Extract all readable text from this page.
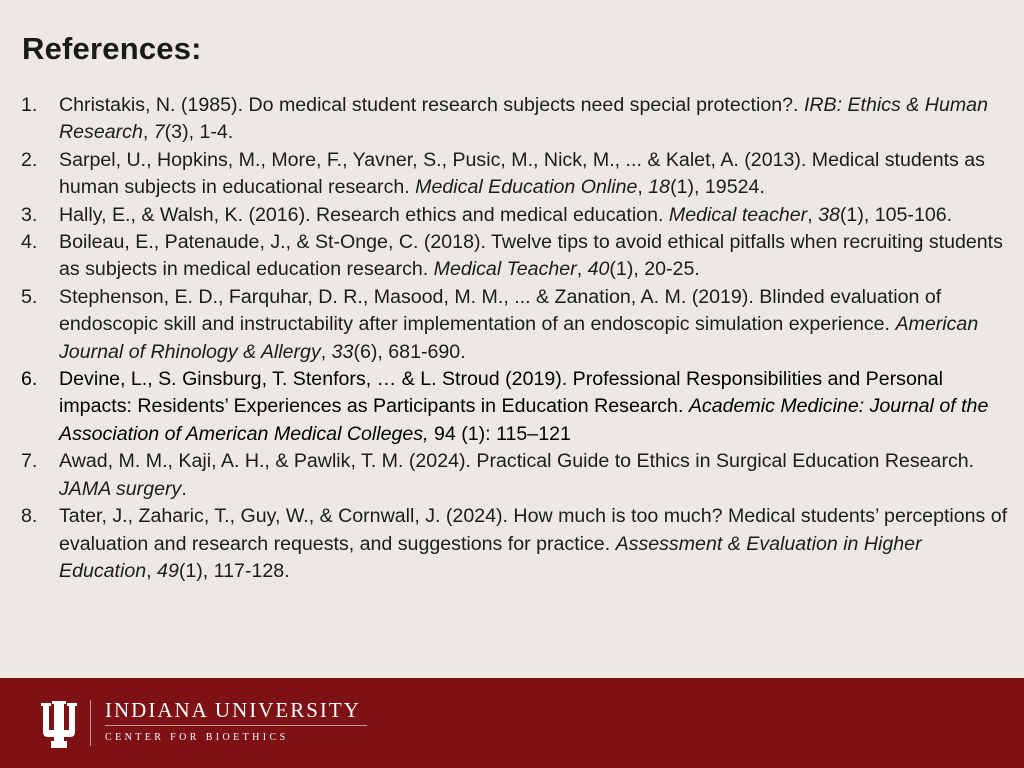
References:
1. Christakis, N. (1985). Do medical student research subjects need special protection?. IRB: Ethics & Human Research, 7(3), 1-4.
2. Sarpel, U., Hopkins, M., More, F., Yavner, S., Pusic, M., Nick, M., ... & Kalet, A. (2013). Medical students as human subjects in educational research. Medical Education Online, 18(1), 19524.
3. Hally, E., & Walsh, K. (2016). Research ethics and medical education. Medical teacher, 38(1), 105-106.
4. Boileau, E., Patenaude, J., & St-Onge, C. (2018). Twelve tips to avoid ethical pitfalls when recruiting students as subjects in medical education research. Medical Teacher, 40(1), 20-25.
5. Stephenson, E. D., Farquhar, D. R., Masood, M. M., ... & Zanation, A. M. (2019). Blinded evaluation of endoscopic skill and instructability after implementation of an endoscopic simulation experience. American Journal of Rhinology & Allergy, 33(6), 681-690.
6. Devine, L., S. Ginsburg, T. Stenfors, … & L. Stroud (2019). Professional Responsibilities and Personal impacts: Residents’ Experiences as Participants in Education Research. Academic Medicine: Journal of the Association of American Medical Colleges, 94 (1): 115–121
7. Awad, M. M., Kaji, A. H., & Pawlik, T. M. (2024). Practical Guide to Ethics in Surgical Education Research. JAMA surgery.
8. Tater, J., Zaharic, T., Guy, W., & Cornwall, J. (2024). How much is too much? Medical students’ perceptions of evaluation and research requests, and suggestions for practice. Assessment & Evaluation in Higher Education, 49(1), 117-128.
INDIANA UNIVERSITY
CENTER FOR BIOETHICS
